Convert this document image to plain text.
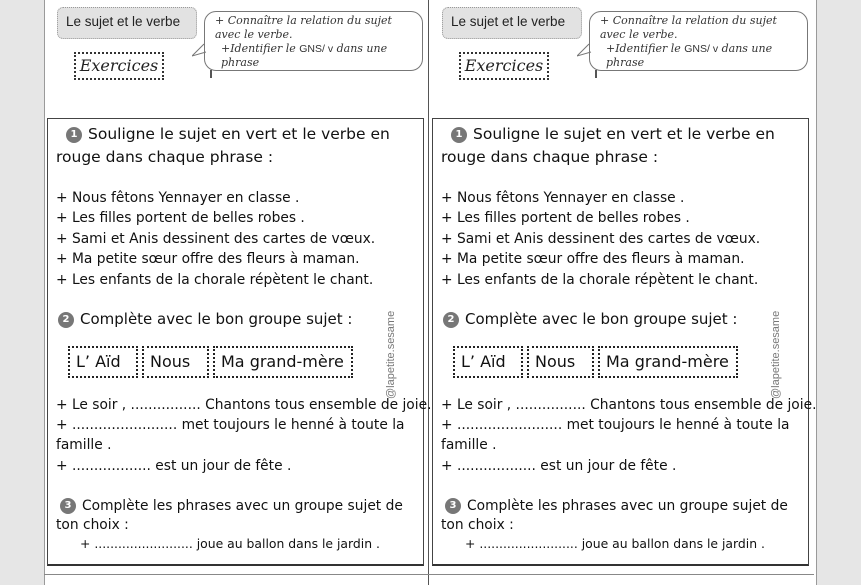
Le sujet et le verbe
Exercices
+ Connaître la relation du sujet
avec le verbe.
+Identifier le GNS/ v dans une phrase
1 Souligne le sujet en vert et le verbe en
rouge dans chaque phrase :
+ Nous fêtons Yennayer en classe .
+ Les filles portent de belles robes .
+ Sami et Anis dessinent des cartes de vœux.
+ Ma petite sœur offre des fleurs à maman.
+ Les enfants de la chorale répètent le chant.
2 Complète avec le bon groupe sujet :
L’ Aïd	Nous	Ma grand-mère
+ Le soir , ................ Chantons tous ensemble de joie.
+ ........................ met toujours le henné à toute la
famille .
+ .................. est un jour de fête .
3 Complète les phrases avec un groupe sujet de
ton choix :
+ ......................... joue au ballon dans le jardin .
@lapetite.sesame
Le sujet et le verbe
Exercices
+ Connaître la relation du sujet
avec le verbe.
+Identifier le GNS/ v dans une phrase
1 Souligne le sujet en vert et le verbe en
rouge dans chaque phrase :
+ Nous fêtons Yennayer en classe .
+ Les filles portent de belles robes .
+ Sami et Anis dessinent des cartes de vœux.
+ Ma petite sœur offre des fleurs à maman.
+ Les enfants de la chorale répètent le chant.
2 Complète avec le bon groupe sujet :
L’ Aïd	Nous	Ma grand-mère
+ Le soir , ................ Chantons tous ensemble de joie.
+ ........................ met toujours le henné à toute la
famille .
+ .................. est un jour de fête .
3 Complète les phrases avec un groupe sujet de
ton choix :
+ ......................... joue au ballon dans le jardin .
@lapetite.sesame
